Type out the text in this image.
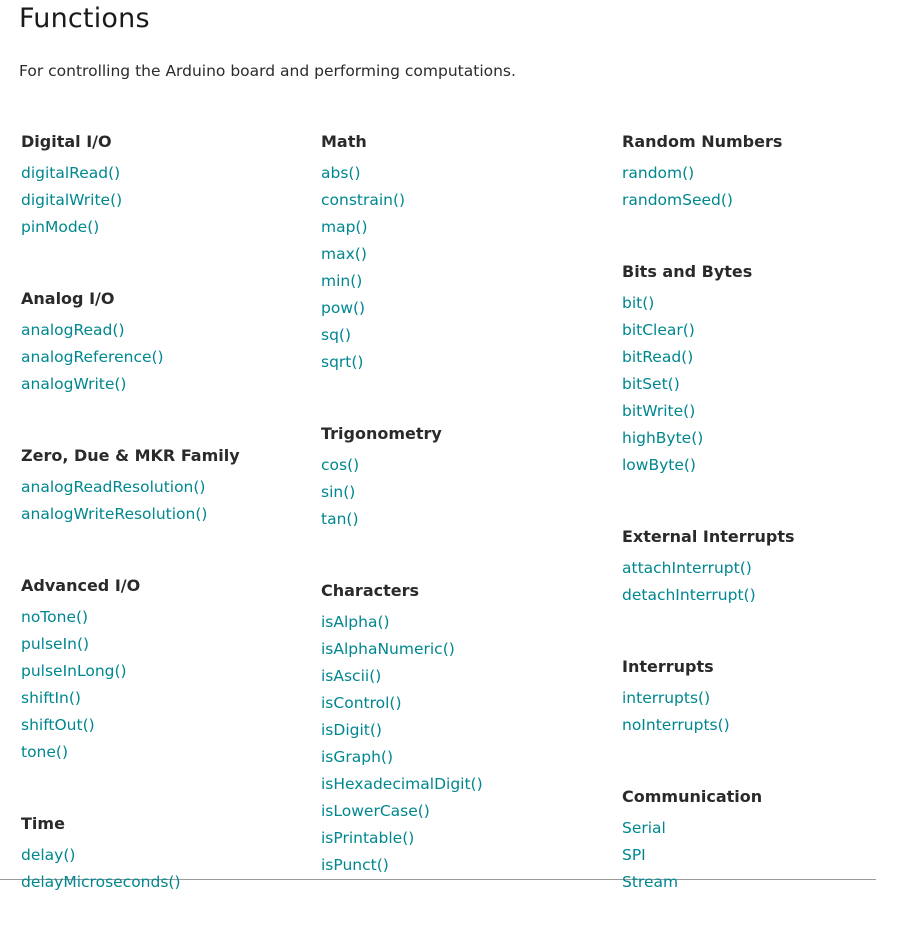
Functions

For controlling the Arduino board and performing computations.

Digital I/O
digitalRead()
digitalWrite()
pinMode()
Analog I/O
analogRead()
analogReference()
analogWrite()
Zero, Due & MKR Family
analogReadResolution()
analogWriteResolution()
Advanced I/O
noTone()
pulseIn()
pulseInLong()
shiftIn()
shiftOut()
tone()
Time
delay()
delayMicroseconds()
Math
abs()
constrain()
map()
max()
min()
pow()
sq()
sqrt()
Trigonometry
cos()
sin()
tan()
Characters
isAlpha()
isAlphaNumeric()
isAscii()
isControl()
isDigit()
isGraph()
isHexadecimalDigit()
isLowerCase()
isPrintable()
isPunct()
Random Numbers
random()
randomSeed()
Bits and Bytes
bit()
bitClear()
bitRead()
bitSet()
bitWrite()
highByte()
lowByte()
External Interrupts
attachInterrupt()
detachInterrupt()
Interrupts
interrupts()
noInterrupts()
Communication
Serial
SPI
Stream
